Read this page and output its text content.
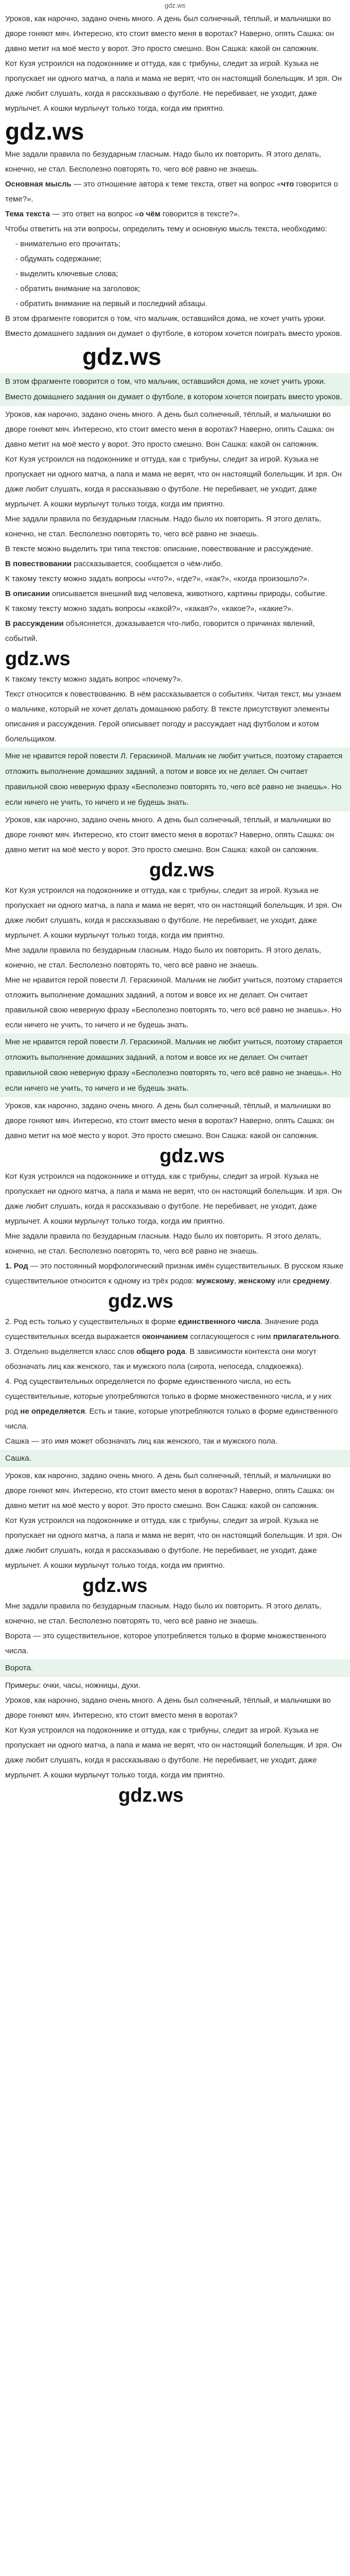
gdz.ws

Уроков, как нарочно, задано очень много. А день был солнечный, тёплый, и мальчишки во дворе гоняют мяч. Интересно, кто стоит вместо меня в воротах? Наверно, опять Сашка: он давно метит на моё место у ворот. Это просто смешно. Вон Сашка: какой он сапожник.

Кот Кузя устроился на подоконнике и оттуда, как с трибуны, следит за игрой. Кузька не пропускает ни одного матча, а папа и мама не верят, что он настоящий болельщик. И зря. Он даже любит слушать, когда я рассказываю о футболе. Не перебивает, не уходит, даже мурлычет. А кошки мурлычут только тогда, когда им приятно.

gdz.ws

Мне задали правила по безударным гласным. Надо было их повторить. Я этого делать, конечно, не стал. Бесполезно повторять то, чего всё равно не знаешь.

Основная мысль — это отношение автора к теме текста, ответ на вопрос «что говорится о теме?».

Тема текста — это ответ на вопрос «о чём говорится в тексте?».

Чтобы ответить на эти вопросы, определить тему и основную мысль текста, необходимо:

- внимательно его прочитать;

- обдумать содержание;

- выделить ключевые слова;

- обратить внимание на заголовок;

- обратить внимание на первый и последний абзацы.

В этом фрагменте говорится о том, что мальчик, оставшийся дома, не хочет учить уроки. Вместо домашнего задания он думает о футболе, в котором хочется поиграть вместо уроков.

gdz.ws

В этом фрагменте говорится о том, что мальчик, оставшийся дома, не хочет учить уроки. Вместо домашнего задания он думает о футболе, в котором хочется поиграть вместо уроков.

Уроков, как нарочно, задано очень много. А день был солнечный, тёплый, и мальчишки во дворе гоняют мяч. Интересно, кто стоит вместо меня в воротах? Наверно, опять Сашка: он давно метит на моё место у ворот. Это просто смешно. Вон Сашка: какой он сапожник.

Кот Кузя устроился на подоконнике и оттуда, как с трибуны, следит за игрой. Кузька не пропускает ни одного матча, а папа и мама не верят, что он настоящий болельщик. И зря. Он даже любит слушать, когда я рассказываю о футболе. Не перебивает, не уходит, даже мурлычет. А кошки мурлычут только тогда, когда им приятно.

Мне задали правила по безударным гласным. Надо было их повторить. Я этого делать, конечно, не стал. Бесполезно повторять то, чего всё равно не знаешь.

В тексте можно выделить три типа текстов: описание, повествование и рассуждение.

В повествовании рассказывается, сообщается о чём-либо.

К такому тексту можно задать вопросы «что?», «где?», «как?», «когда произошло?».

В описании описывается внешний вид человека, животного, картины природы, событие.

К такому тексту можно задать вопросы «какой?», «какая?», «какое?», «какие?».

В рассуждении объясняется, доказывается что-либо, говорится о причинах явлений, событий.

gdz.ws

К такому тексту можно задать вопрос «почему?».

Текст относится к повествованию. В нём рассказывается о событиях. Читая текст, мы узнаем о мальчике, который не хочет делать домашнюю работу. В тексте присутствуют элементы описания и рассуждения. Герой описывает погоду и рассуждает над футболом и котом болельщиком.

Мне не нравится герой повести Л. Гераскиной. Мальчик не любит учиться, поэтому старается отложить выполнение домашних заданий, а потом и вовсе их не делает. Он считает правильной свою неверную фразу «Бесполезно повторять то, чего всё равно не знаешь». Но если ничего не учить, то ничего и не будешь знать.

Уроков, как нарочно, задано очень много. А день был солнечный, тёплый, и мальчишки во дворе гоняют мяч. Интересно, кто стоит вместо меня в воротах? Наверно, опять Сашка: он давно метит на моё место у ворот. Это просто смешно. Вон Сашка: какой он сапожник.

gdz.ws

Кот Кузя устроился на подоконнике и оттуда, как с трибуны, следит за игрой. Кузька не пропускает ни одного матча, а папа и мама не верят, что он настоящий болельщик. И зря. Он даже любит слушать, когда я рассказываю о футболе. Не перебивает, не уходит, даже мурлычет. А кошки мурлычут только тогда, когда им приятно.

Мне задали правила по безударным гласным. Надо было их повторить. Я этого делать, конечно, не стал. Бесполезно повторять то, чего всё равно не знаешь.

Мне не нравится герой повести Л. Гераскиной. Мальчик не любит учиться, поэтому старается отложить выполнение домашних заданий, а потом и вовсе их не делает. Он считает правильной свою неверную фразу «Бесполезно повторять то, чего всё равно не знаешь». Но если ничего не учить, то ничего и не будешь знать.

Мне не нравится герой повести Л. Гераскиной. Мальчик не любит учиться, поэтому старается отложить выполнение домашних заданий, а потом и вовсе их не делает. Он считает правильной свою неверную фразу «Бесполезно повторять то, чего всё равно не знаешь». Но если ничего не учить, то ничего и не будешь знать.

Уроков, как нарочно, задано очень много. А день был солнечный, тёплый, и мальчишки во дворе гоняют мяч. Интересно, кто стоит вместо меня в воротах? Наверно, опять Сашка: он давно метит на моё место у ворот. Это просто смешно. Вон Сашка: какой он сапожник.

gdz.ws

Кот Кузя устроился на подоконнике и оттуда, как с трибуны, следит за игрой. Кузька не пропускает ни одного матча, а папа и мама не верят, что он настоящий болельщик. И зря. Он даже любит слушать, когда я рассказываю о футболе. Не перебивает, не уходит, даже мурлычет. А кошки мурлычут только тогда, когда им приятно.

Мне задали правила по безударным гласным. Надо было их повторить. Я этого делать, конечно, не стал. Бесполезно повторять то, чего всё равно не знаешь.

1. Род — это постоянный морфологический признак имён существительных. В русском языке существительное относится к одному из трёх родов: мужскому, женскому или среднему.

gdz.ws

2. Род есть только у существительных в форме единственного числа. Значение рода существительных всегда выражается окончанием согласующегося с ним прилагательного.

3. Отдельно выделяется класс слов общего рода. В зависимости контекста они могут обозначать лиц как женского, так и мужского пола (сирота, непоседа, сладкоежка).

4. Род существительных определяется по форме единственного числа, но есть существительные, которые употребляются только в форме множественного числа, и у них род не определяется. Есть и такие, которые употребляются только в форме единственного числа.

Сашка — это имя может обозначать лиц как женского, так и мужского пола.

Сашка.

Уроков, как нарочно, задано очень много. А день был солнечный, тёплый, и мальчишки во дворе гоняют мяч. Интересно, кто стоит вместо меня в воротах? Наверно, опять Сашка: он давно метит на моё место у ворот. Это просто смешно. Вон Сашка: какой он сапожник.

Кот Кузя устроился на подоконнике и оттуда, как с трибуны, следит за игрой. Кузька не пропускает ни одного матча, а папа и мама не верят, что он настоящий болельщик. И зря. Он даже любит слушать, когда я рассказываю о футболе. Не перебивает, не уходит, даже мурлычет. А кошки мурлычут только тогда, когда им приятно.

gdz.ws

Мне задали правила по безударным гласным. Надо было их повторить. Я этого делать, конечно, не стал. Бесполезно повторять то, чего всё равно не знаешь.

Ворота — это существительное, которое употребляется только в форме множественного числа.

Ворота.

Примеры: очки, часы, ножницы, духи.

Уроков, как нарочно, задано очень много. А день был солнечный, тёплый, и мальчишки во дворе гоняют мяч. Интересно, кто стоит вместо меня в воротах?

Кот Кузя устроился на подоконнике и оттуда, как с трибуны, следит за игрой. Кузька не пропускает ни одного матча, а папа и мама не верят, что он настоящий болельщик. И зря. Он даже любит слушать, когда я рассказываю о футболе. Не перебивает, не уходит, даже мурлычет. А кошки мурлычут только тогда, когда им приятно.

gdz.ws
